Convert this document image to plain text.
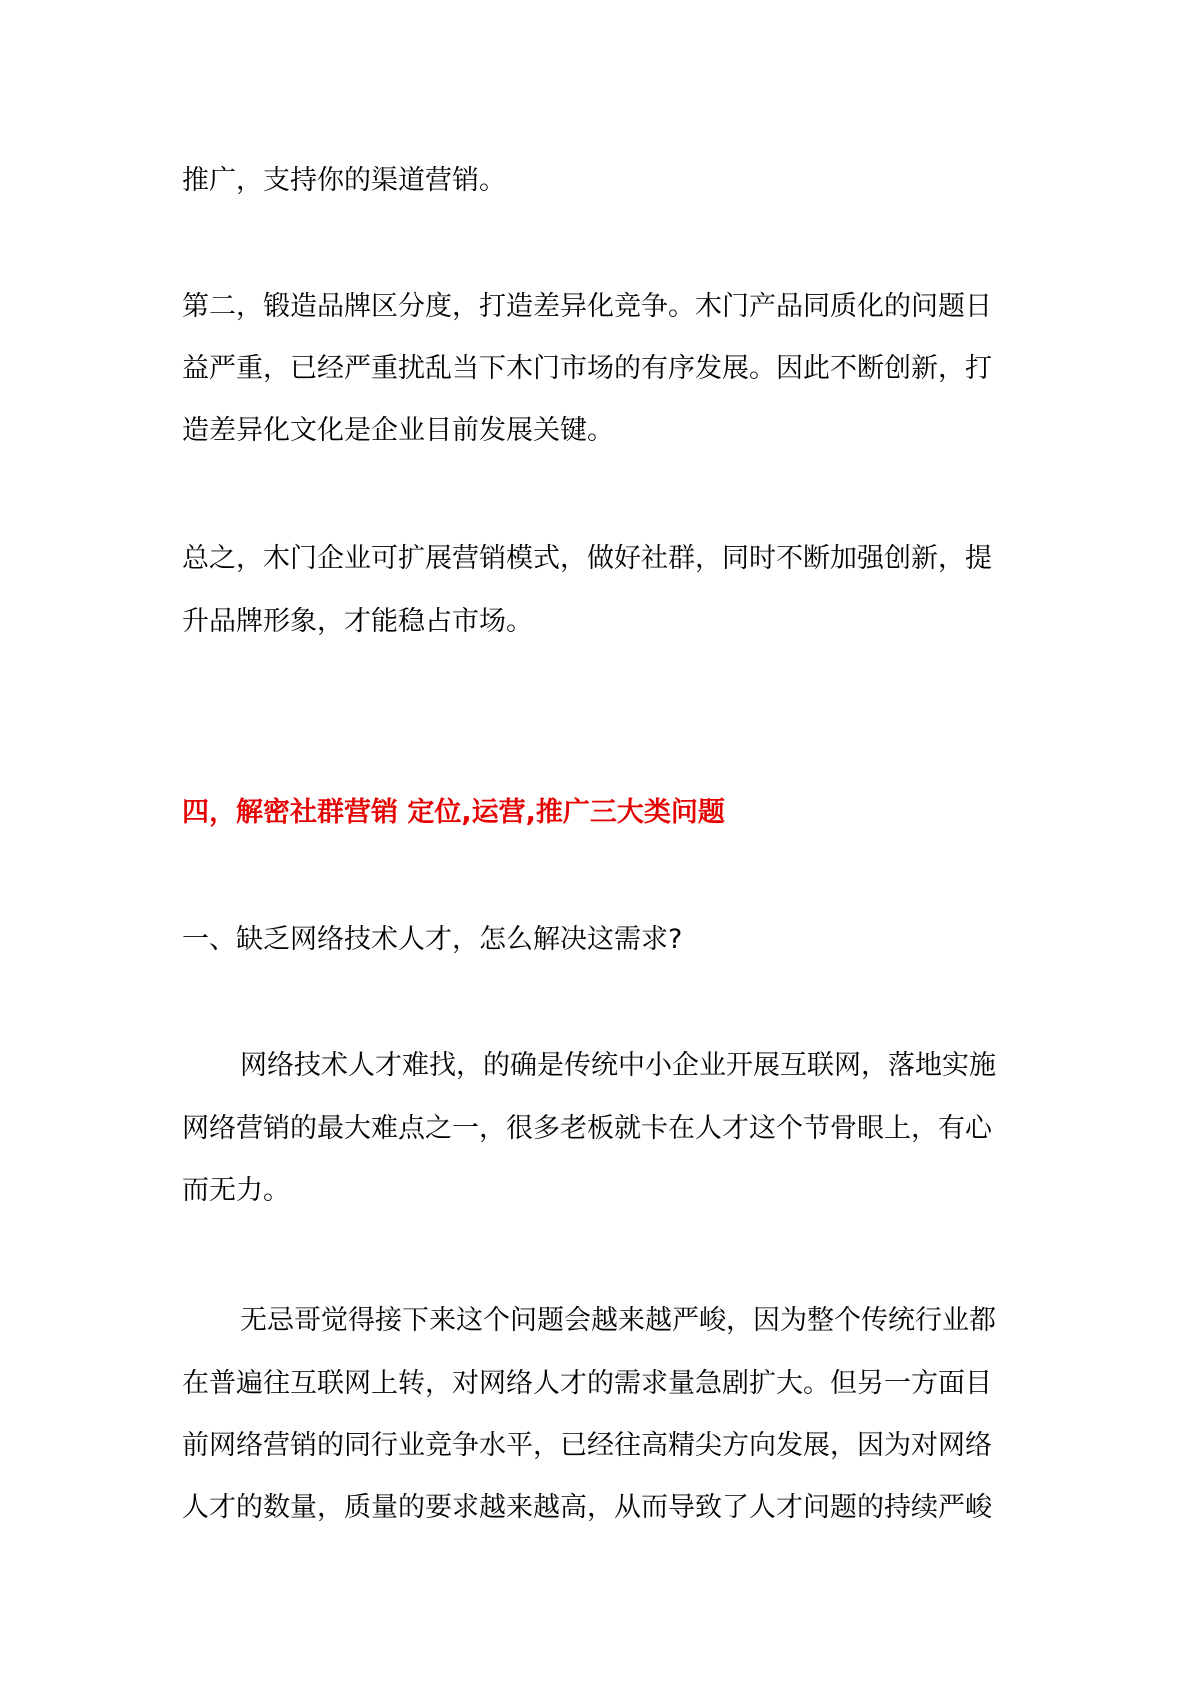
推广，支持你的渠道营销。
第二，锻造品牌区分度，打造差异化竞争。木门产品同质化的问题日
益严重，已经严重扰乱当下木门市场的有序发展。因此不断创新，打
造差异化文化是企业目前发展关键。
总之，木门企业可扩展营销模式，做好社群，同时不断加强创新，提
升品牌形象，才能稳占市场。
四，解密社群营销 定位,运营,推广三大类问题
一、缺乏网络技术人才，怎么解决这需求?
网络技术人才难找，的确是传统中小企业开展互联网，落地实施
网络营销的最大难点之一，很多老板就卡在人才这个节骨眼上，有心
而无力。
无忌哥觉得接下来这个问题会越来越严峻，因为整个传统行业都
在普遍往互联网上转，对网络人才的需求量急剧扩大。但另一方面目
前网络营销的同行业竞争水平，已经往高精尖方向发展，因为对网络
人才的数量，质量的要求越来越高，从而导致了人才问题的持续严峻
